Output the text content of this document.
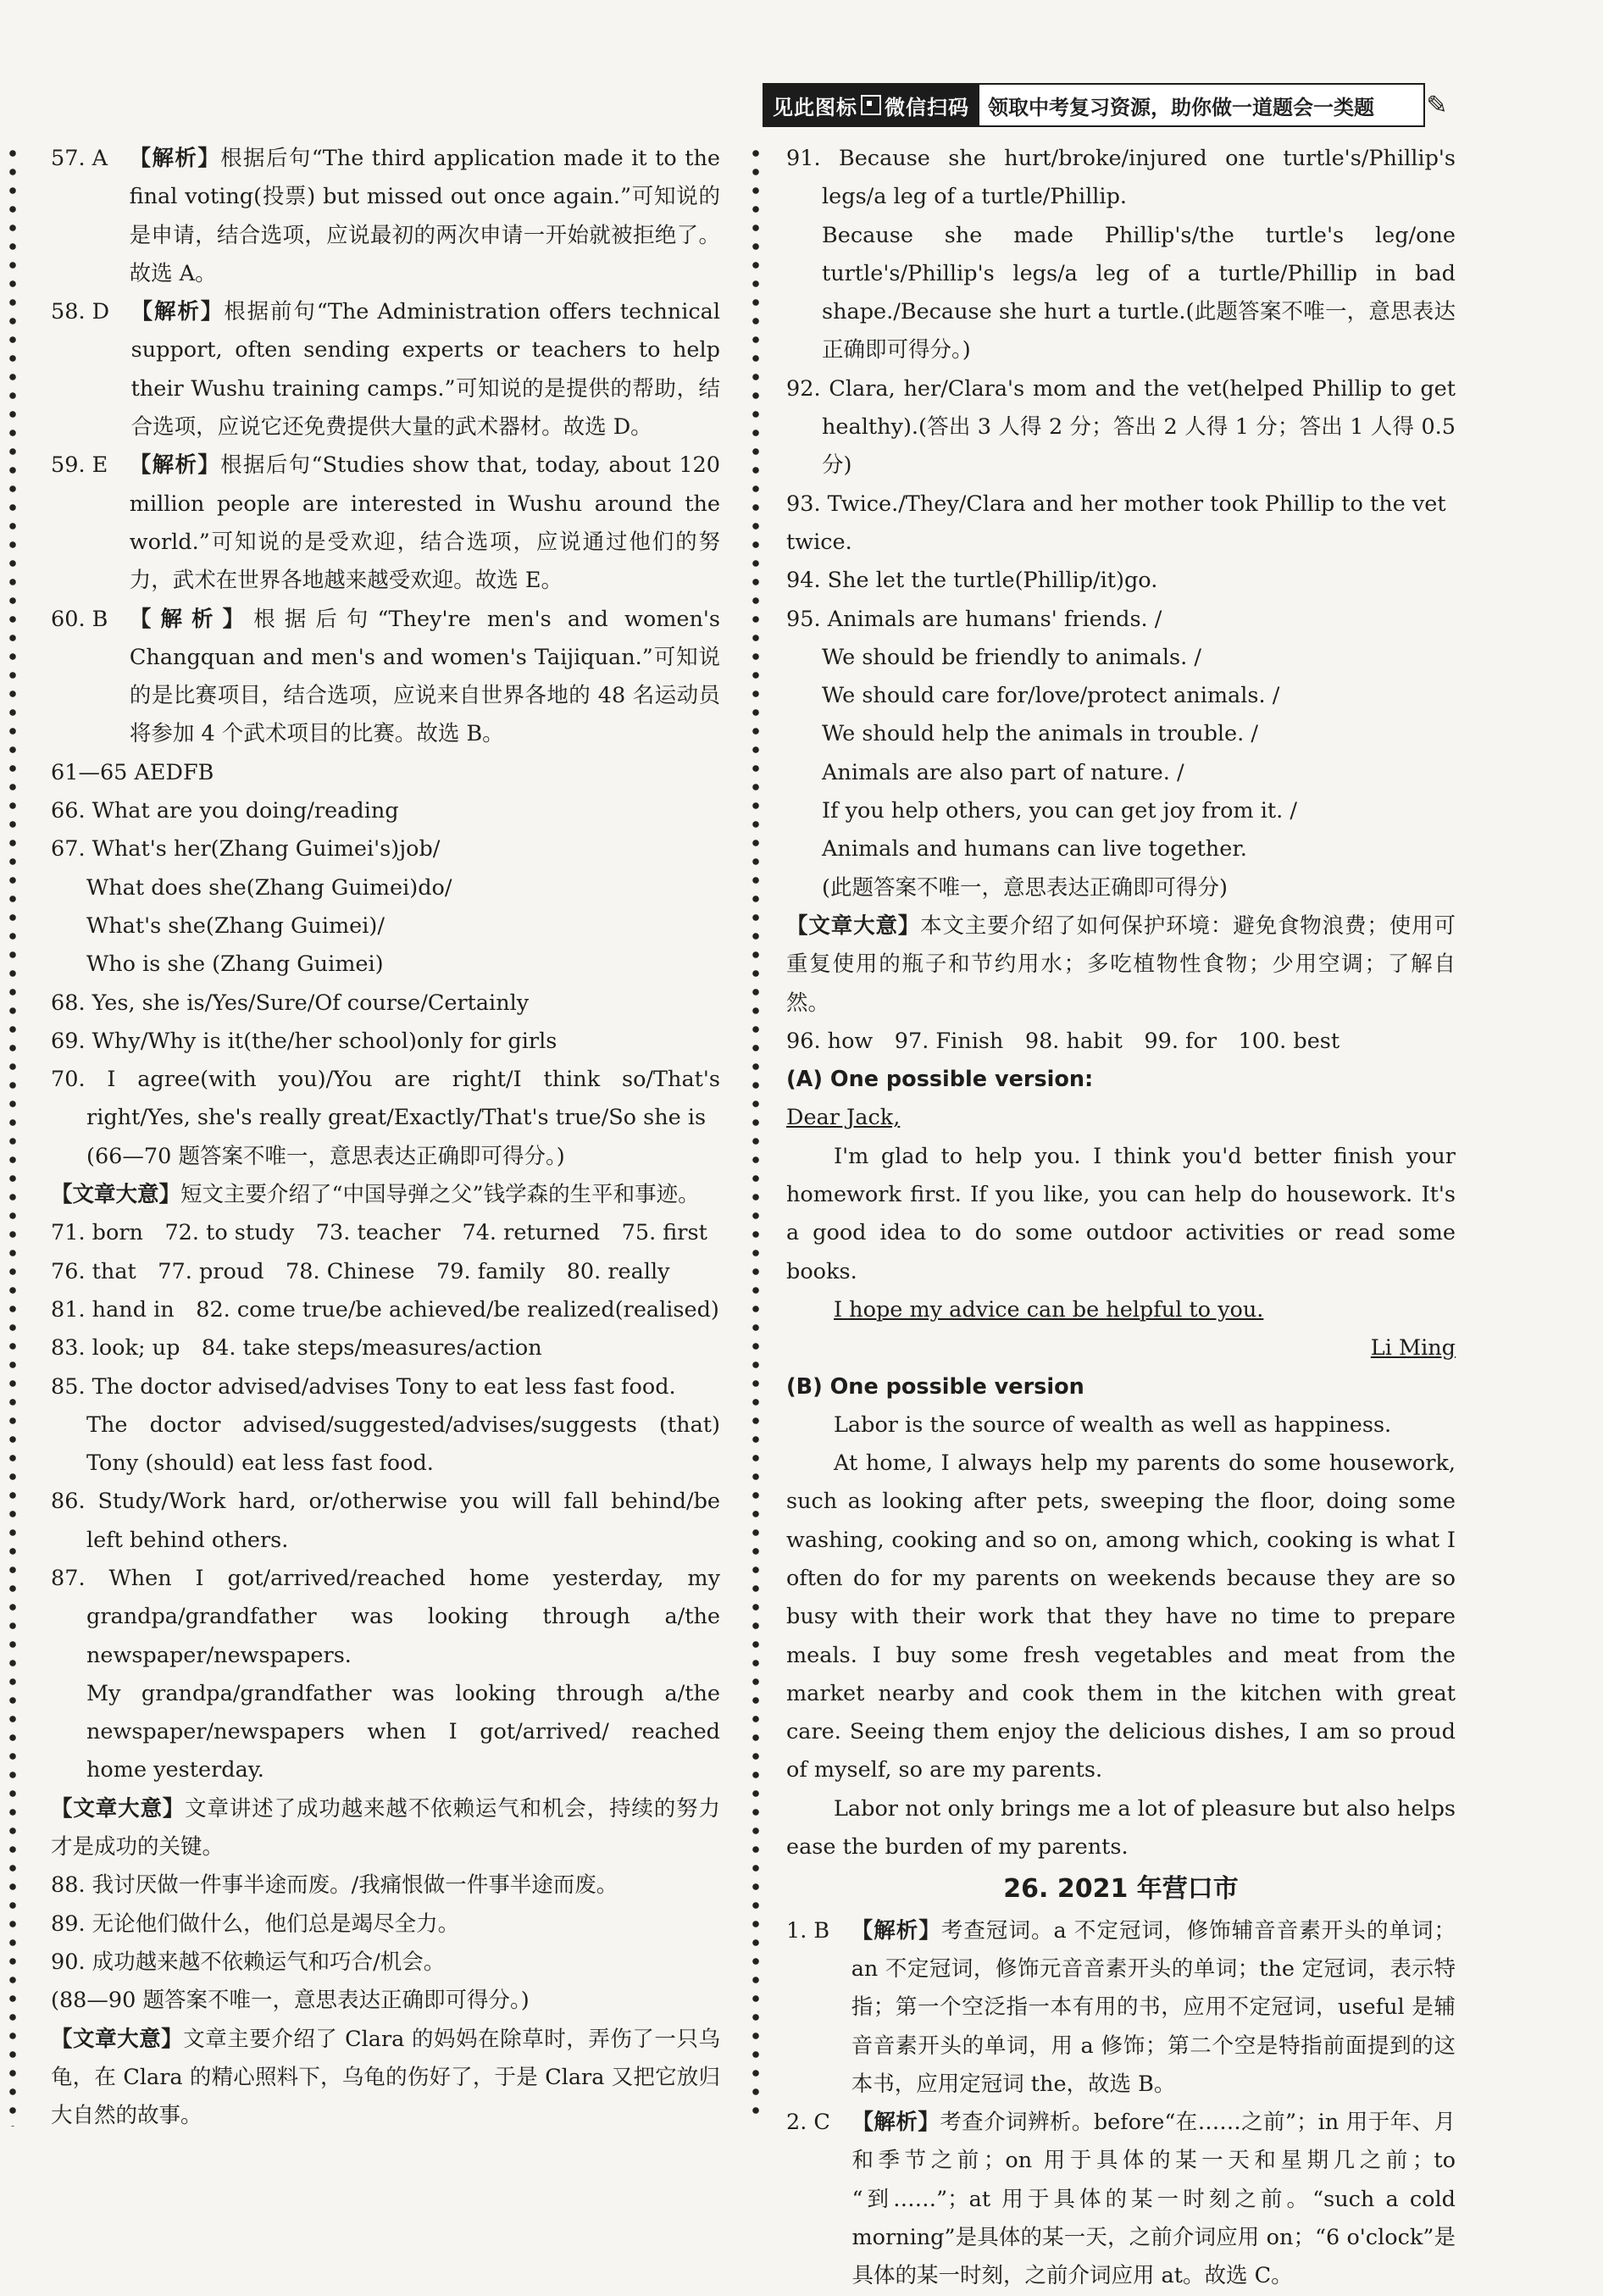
见此图标 微信扫码 领取中考复习资源，助你做一道题会一类题 ✎
57. A　 【解析】根据后句“The third application made it to the final voting(投票) but missed out once again.”可知说的是申请，结合选项，应说最初的两次申请一开始就被拒绝了。故选 A。
58. D　 【解析】根据前句“The Administration offers technical support, often sending experts or teachers to help their Wushu training camps.”可知说的是提供的帮助，结合选项，应说它还免费提供大量的武术器材。故选 D。
59. E　 【解析】根据后句“Studies show that, today, about 120 million people are interested in Wushu around the world.”可知说的是受欢迎，结合选项，应说通过他们的努力，武术在世界各地越来越受欢迎。故选 E。
60. B　 【解析】根据后句“They're men's and women's Changquan and men's and women's Taijiquan.”可知说的是比赛项目，结合选项，应说来自世界各地的 48 名运动员将参加 4 个武术项目的比赛。故选 B。

61—65 AEDFB

66. What are you doing/reading

67. What's her(Zhang Guimei's)job/

What does she(Zhang Guimei)do/

What's she(Zhang Guimei)/

Who is she (Zhang Guimei)

68. Yes, she is/Yes/Sure/Of course/Certainly

69. Why/Why is it(the/her school)only for girls

70. I agree(with you)/You are right/I think so/That's right/Yes, she's really great/Exactly/That's true/So she is

(66—70 题答案不唯一，意思表达正确即可得分。)

【文章大意】短文主要介绍了“中国导弹之父”钱学森的生平和事迹。

71. born　72. to study　73. teacher　74. returned　75. first

76. that　77. proud　78. Chinese　79. family　80. really

81. hand in　82. come true/be achieved/be realized(realised)

83. look; up　84. take steps/measures/action

85. The doctor advised/advises Tony to eat less fast food.

The doctor advised/suggested/advises/suggests (that) Tony (should) eat less fast food.
86. Study/Work hard, or/otherwise you will fall behind/be left behind others.
87. When I got/arrived/reached home yesterday, my grandpa/grandfather was looking through a/the newspaper/newspapers.
My grandpa/grandfather was looking through a/the newspaper/newspapers when I got/arrived/ reached home yesterday.
【文章大意】文章讲述了成功越来越不依赖运气和机会，持续的努力才是成功的关键。

88. 我讨厌做一件事半途而废。/我痛恨做一件事半途而废。

89. 无论他们做什么，他们总是竭尽全力。

90. 成功越来越不依赖运气和巧合/机会。

(88—90 题答案不唯一，意思表达正确即可得分。)

【文章大意】文章主要介绍了 Clara 的妈妈在除草时，弄伤了一只乌龟，在 Clara 的精心照料下，乌龟的伤好了，于是 Clara 又把它放归大自然的故事。
91. Because she hurt/broke/injured one turtle's/Phillip's legs/a leg of a turtle/Phillip.
Because she made Phillip's/the turtle's leg/one turtle's/Phillip's legs/a leg of a turtle/Phillip in bad shape./Because she hurt a turtle.(此题答案不唯一，意思表达正确即可得分。)
92. Clara, her/Clara's mom and the vet(helped Phillip to get healthy).(答出 3 人得 2 分；答出 2 人得 1 分；答出 1 人得 0.5 分)

93. Twice./They/Clara and her mother took Phillip to the vet twice.

94. She let the turtle(Phillip/it)go.

95. Animals are humans' friends. /

We should be friendly to animals. /

We should care for/love/protect animals. /

We should help the animals in trouble. /

Animals are also part of nature. /

If you help others, you can get joy from it. /

Animals and humans can live together.

(此题答案不唯一，意思表达正确即可得分)

【文章大意】本文主要介绍了如何保护环境：避免食物浪费；使用可重复使用的瓶子和节约用水；多吃植物性食物；少用空调；了解自然。

96. how　97. Finish　98. habit　99. for　100. best

(A) One possible version:

Dear Jack,

I'm glad to help you. I think you'd better finish your homework first. If you like, you can help do housework. It's a good idea to do some outdoor activities or read some books.

I hope my advice can be helpful to you.

Li Ming

(B) One possible version

Labor is the source of wealth as well as happiness.
At home, I always help my parents do some housework, such as looking after pets, sweeping the floor, doing some washing, cooking and so on, among which, cooking is what I often do for my parents on weekends because they are so busy with their work that they have no time to prepare meals. I buy some fresh vegetables and meat from the market nearby and cook them in the kitchen with great care. Seeing them enjoy the delicious dishes, I am so proud of myself, so are my parents.
Labor not only brings me a lot of pleasure but also helps ease the burden of my parents.
26. 2021 年营口市
1. B　 【解析】考查冠词。a 不定冠词，修饰辅音音素开头的单词；an 不定冠词，修饰元音音素开头的单词；the 定冠词，表示特指；第一个空泛指一本有用的书，应用不定冠词，useful 是辅音音素开头的单词，用 a 修饰；第二个空是特指前面提到的这本书，应用定冠词 the，故选 B。
2. C　 【解析】考查介词辨析。before“在……之前”；in 用于年、月和季节之前；on 用于具体的某一天和星期几之前；to “到……”；at 用于具体的某一时刻之前。“such a cold morning”是具体的某一天，之前介词应用 on；“6 o'clock”是具体的某一时刻，之前介词应用 at。故选 C。
